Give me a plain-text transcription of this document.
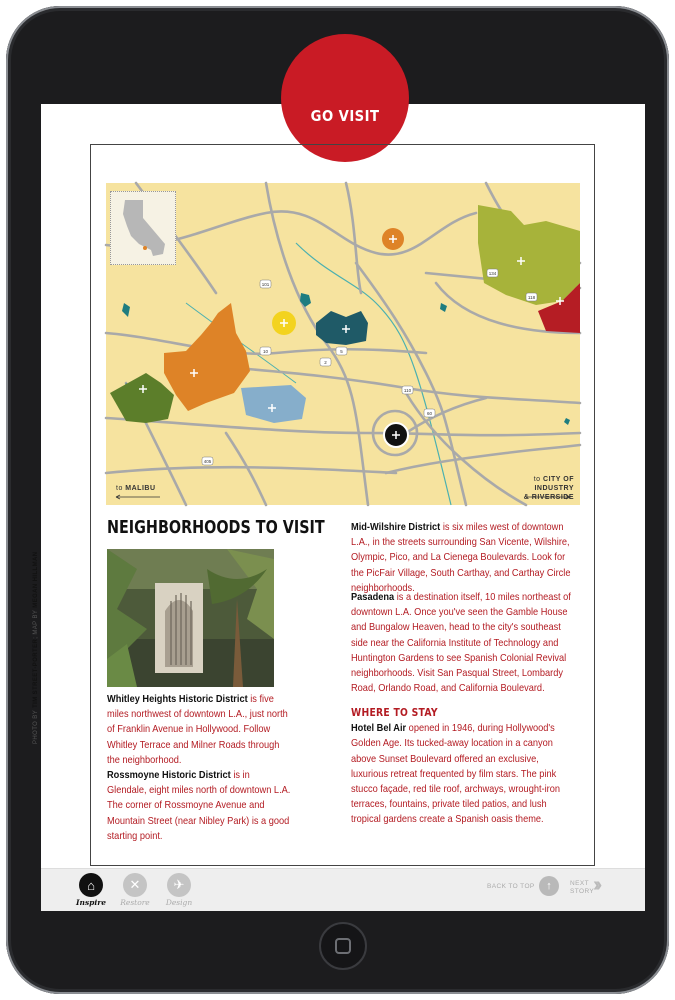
GO VISIT
101
134
118
110
10
2
5
405
60
to MALIBU
to CITY OF INDUSTRY
& RIVERSIDE
NEIGHBORHOODS TO VISIT
Whitley Heights Historic District is five miles northwest of downtown L.A., just north of Franklin Avenue in Hollywood. Follow Whitley Terrace and Milner Roads through the neighborhood.
Rossmoyne Historic District is in Glendale, eight miles north of downtown L.A. The corner of Rossmoyne Avenue and Mountain Street (near Nibley Park) is a good starting point.
Mid-Wilshire District is six miles west of downtown L.A., in the streets surrounding San Vicente, Wilshire, Olympic, Pico, and La Cienega Boulevards. Look for the PicFair Village, South Carthay, and Carthay Circle neighborhoods.
Pasadena is a destination itself, 10 miles northeast of downtown L.A. Once you've seen the Gamble House and Bungalow Heaven, head to the city's southeast side near the California Institute of Technology and Huntington Gardens to see Spanish Colonial Revival neighborhoods. Visit San Pasqual Street, Lombardy Road, Orlando Road, and California Boulevard.
WHERE TO STAY
Hotel Bel Air opened in 1946, during Hollywood's Golden Age. Its tucked-away location in a canyon above Sunset Boulevard offered an exclusive, luxurious retreat frequented by film stars. The pink stucco façade, red tile roof, archways, wrought-iron terraces, fountains, private tiled patios, and lush tropical gardens create a Spanish oasis theme.
PHOTO BY TIM STREET-PORTER; MAP BY MEGAN HILLMAN
⌂
Inspire
✕
Restore
✈
Design
BACK TO TOP	↑	NEXT
STORY
››
